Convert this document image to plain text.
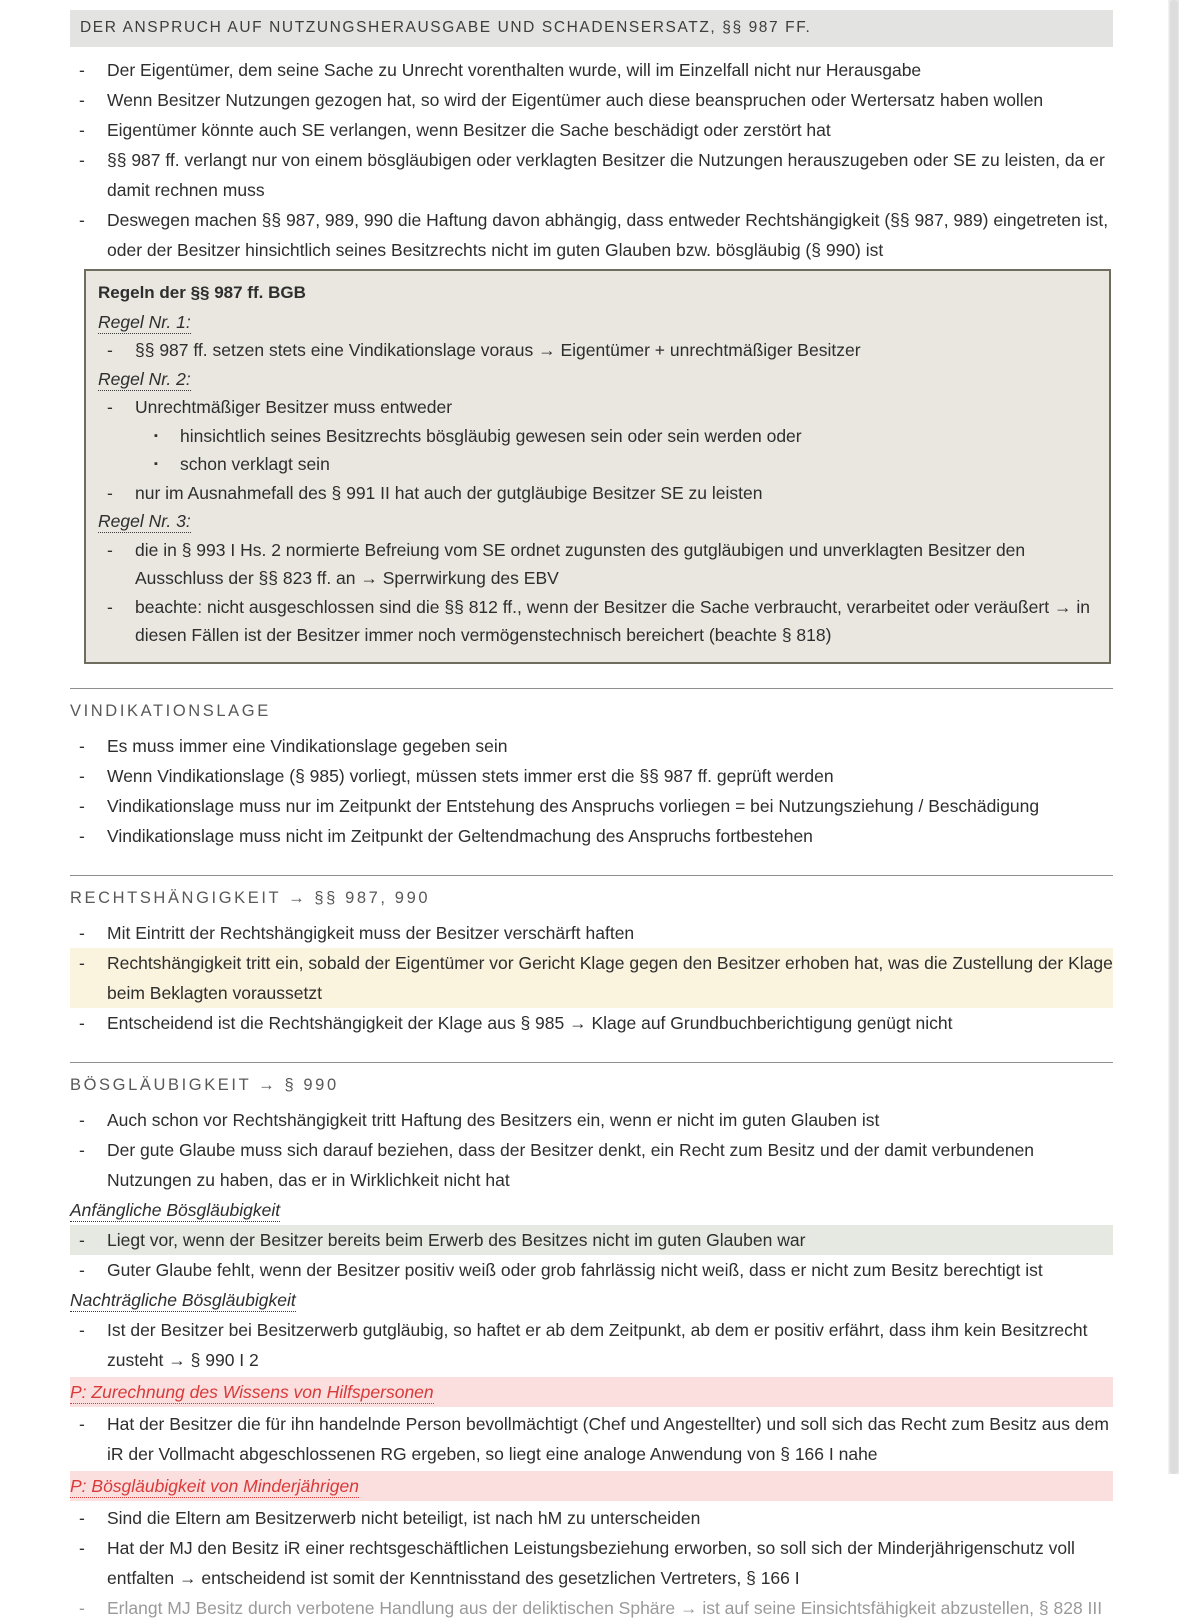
DER ANSPRUCH AUF NUTZUNGSHERAUSGABE UND SCHADENSERSATZ, §§ 987 FF.
-	Der Eigentümer, dem seine Sache zu Unrecht vorenthalten wurde, will im Einzelfall nicht nur Herausgabe
-	Wenn Besitzer Nutzungen gezogen hat, so wird der Eigentümer auch diese beanspruchen oder Wertersatz haben wollen
-	Eigentümer könnte auch SE verlangen, wenn Besitzer die Sache beschädigt oder zerstört hat
-	§§ 987 ff. verlangt nur von einem bösgläubigen oder verklagten Besitzer die Nutzungen herauszugeben oder SE zu leisten, da er damit rechnen muss
-	Deswegen machen §§ 987, 989, 990 die Haftung davon abhängig, dass entweder Rechtshängigkeit (§§ 987, 989) eingetreten ist, oder der Besitzer hinsichtlich seines Besitzrechts nicht im guten Glauben bzw. bösgläubig (§ 990) ist
Regeln der §§ 987 ff. BGB
Regel Nr. 1:
-	§§ 987 ff. setzen stets eine Vindikationslage voraus → Eigentümer + unrechtmäßiger Besitzer
Regel Nr. 2:
-	Unrechtmäßiger Besitzer muss entweder
▪	hinsichtlich seines Besitzrechts bösgläubig gewesen sein oder sein werden oder
▪	schon verklagt sein
-	nur im Ausnahmefall des § 991 II hat auch der gutgläubige Besitzer SE zu leisten
Regel Nr. 3:
-	die in § 993 I Hs. 2 normierte Befreiung vom SE ordnet zugunsten des gutgläubigen und unverklagten Besitzer den Ausschluss der §§ 823 ff. an → Sperrwirkung des EBV
-	beachte: nicht ausgeschlossen sind die §§ 812 ff., wenn der Besitzer die Sache verbraucht, verarbeitet oder veräußert → in diesen Fällen ist der Besitzer immer noch vermögenstechnisch bereichert (beachte § 818)
VINDIKATIONSLAGE
-	Es muss immer eine Vindikationslage gegeben sein
-	Wenn Vindikationslage (§ 985) vorliegt, müssen stets immer erst die §§ 987 ff. geprüft werden
-	Vindikationslage muss nur im Zeitpunkt der Entstehung des Anspruchs vorliegen = bei Nutzungsziehung / Beschädigung
-	Vindikationslage muss nicht im Zeitpunkt der Geltendmachung des Anspruchs fortbestehen
RECHTSHÄNGIGKEIT → §§ 987, 990
-	Mit Eintritt der Rechtshängigkeit muss der Besitzer verschärft haften
-	Rechtshängigkeit tritt ein, sobald der Eigentümer vor Gericht Klage gegen den Besitzer erhoben hat, was die Zustellung der Klage beim Beklagten voraussetzt
-	Entscheidend ist die Rechtshängigkeit der Klage aus § 985 → Klage auf Grundbuchberichtigung genügt nicht
BÖSGLÄUBIGKEIT → § 990
-	Auch schon vor Rechtshängigkeit tritt Haftung des Besitzers ein, wenn er nicht im guten Glauben ist
-	Der gute Glaube muss sich darauf beziehen, dass der Besitzer denkt, ein Recht zum Besitz und der damit verbundenen Nutzungen zu haben, das er in Wirklichkeit nicht hat
Anfängliche Bösgläubigkeit
-	Liegt vor, wenn der Besitzer bereits beim Erwerb des Besitzes nicht im guten Glauben war
-	Guter Glaube fehlt, wenn der Besitzer positiv weiß oder grob fahrlässig nicht weiß, dass er nicht zum Besitz berechtigt ist
Nachträgliche Bösgläubigkeit
-	Ist der Besitzer bei Besitzerwerb gutgläubig, so haftet er ab dem Zeitpunkt, ab dem er positiv erfährt, dass ihm kein Besitzrecht zusteht → § 990 I 2
P: Zurechnung des Wissens von Hilfspersonen
-	Hat der Besitzer die für ihn handelnde Person bevollmächtigt (Chef und Angestellter) und soll sich das Recht zum Besitz aus dem iR der Vollmacht abgeschlossenen RG ergeben, so liegt eine analoge Anwendung von § 166 I nahe
P: Bösgläubigkeit von Minderjährigen
-	Sind die Eltern am Besitzerwerb nicht beteiligt, ist nach hM zu unterscheiden
-	Hat der MJ den Besitz iR einer rechtsgeschäftlichen Leistungsbeziehung erworben, so soll sich der Minderjährigenschutz voll entfalten → entscheidend ist somit der Kenntnisstand des gesetzlichen Vertreters, § 166 I
-	Erlangt MJ Besitz durch verbotene Handlung aus der deliktischen Sphäre → ist auf seine Einsichtsfähigkeit abzustellen, § 828 III
